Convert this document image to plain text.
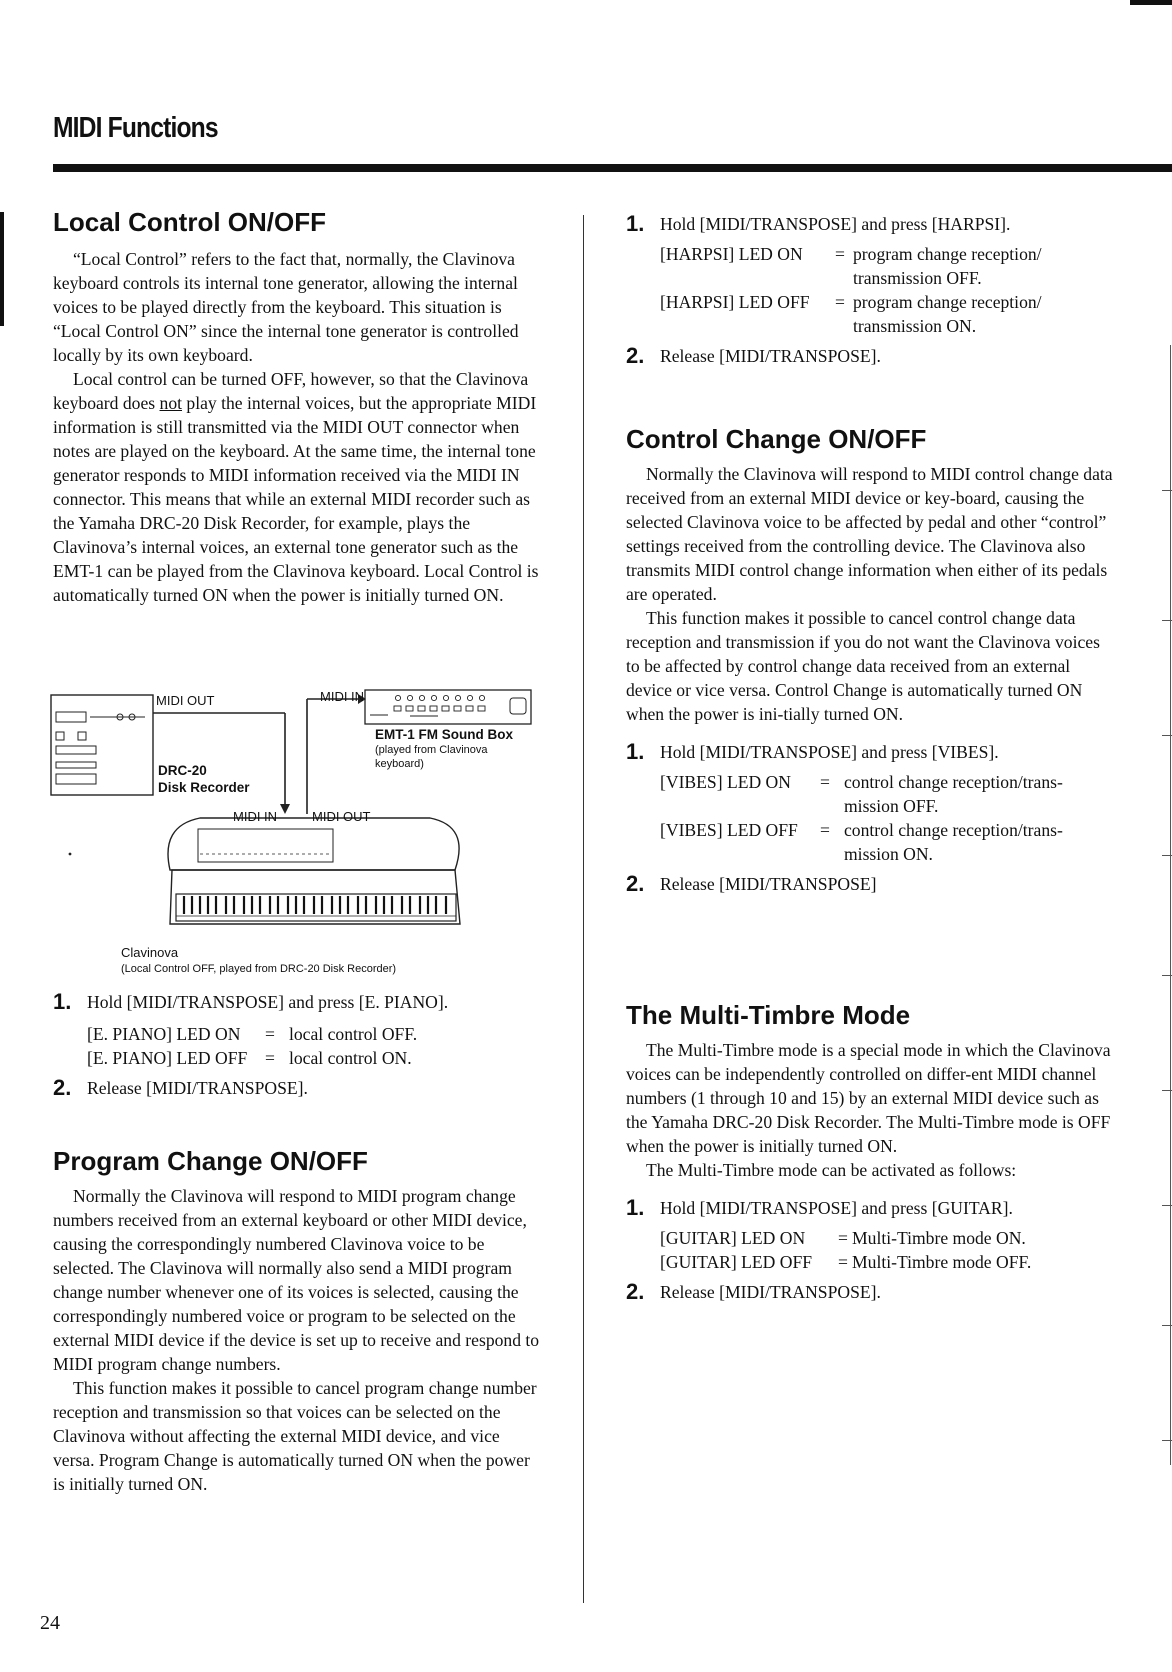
MIDI Functions
Local Control ON/OFF

“Local Control” refers to the fact that, normally, the Clavinova keyboard controls its internal tone generator, allowing the internal voices to be played directly from the keyboard. This situation is “Local Control ON” since the internal tone generator is controlled locally by its own keyboard.

Local control can be turned OFF, however, so that the Clavinova keyboard does not play the internal voices, but the appropriate MIDI information is still transmitted via the MIDI OUT connector when notes are played on the keyboard. At the same time, the internal tone generator responds to MIDI information received via the MIDI IN connector. This means that while an external MIDI recorder such as the Yamaha DRC-20 Disk Recorder, for example, plays the Clavinova’s internal voices, an external tone generator such as the EMT-1 can be played from the Clavinova keyboard. Local Control is automatically turned ON when the power is initially turned ON.

MIDI OUT	MIDI IN
EMT-1 FM Sound Box
(played from Clavinova
keyboard)
DRC-20
Disk Recorder
MIDI IN	MIDI OUT
Clavinova
(Local Control OFF, played from DRC-20 Disk Recorder)
1. Hold [MIDI/TRANSPOSE] and press [E. PIANO].
[E. PIANO] LED ON	= local control OFF.
[E. PIANO] LED OFF	= local control ON.
2. Release [MIDI/TRANSPOSE].
Program Change ON/OFF

Normally the Clavinova will respond to MIDI program change numbers received from an external keyboard or other MIDI device, causing the correspondingly numbered Clavinova voice to be selected. The Clavinova will normally also send a MIDI program change number whenever one of its voices is selected, causing the correspondingly numbered voice or program to be selected on the external MIDI device if the device is set up to receive and respond to MIDI program change numbers.

This function makes it possible to cancel program change number reception and transmission so that voices can be selected on the Clavinova without affecting the external MIDI device, and vice versa. Program Change is automatically turned ON when the power is initially turned ON.

24
1. Hold [MIDI/TRANSPOSE] and press [HARPSI].
[HARPSI] LED ON	= program change reception/
transmission OFF.
[HARPSI] LED OFF	= program change reception/
transmission ON.
2. Release [MIDI/TRANSPOSE].
Control Change ON/OFF

Normally the Clavinova will respond to MIDI control change data received from an external MIDI device or key-board, causing the selected Clavinova voice to be affected by pedal and other “control” settings received from the controlling device. The Clavinova also transmits MIDI control change information when either of its pedals are operated.

This function makes it possible to cancel control change data reception and transmission if you do not want the Clavinova voices to be affected by control change data received from an external device or vice versa. Control Change is automatically turned ON when the power is ini-tially turned ON.

1. Hold [MIDI/TRANSPOSE] and press [VIBES].
[VIBES] LED ON	= control change reception/trans-
mission OFF.
[VIBES] LED OFF	= control change reception/trans-
mission ON.
2. Release [MIDI/TRANSPOSE]
The Multi-Timbre Mode

The Multi-Timbre mode is a special mode in which the Clavinova voices can be independently controlled on differ-ent MIDI channel numbers (1 through 10 and 15) by an external MIDI device such as the Yamaha DRC-20 Disk Recorder. The Multi-Timbre mode is OFF when the power is initially turned ON.

The Multi-Timbre mode can be activated as follows:

1. Hold [MIDI/TRANSPOSE] and press [GUITAR].
[GUITAR] LED ON	= Multi-Timbre mode ON.
[GUITAR] LED OFF	= Multi-Timbre mode OFF.
2. Release [MIDI/TRANSPOSE].
